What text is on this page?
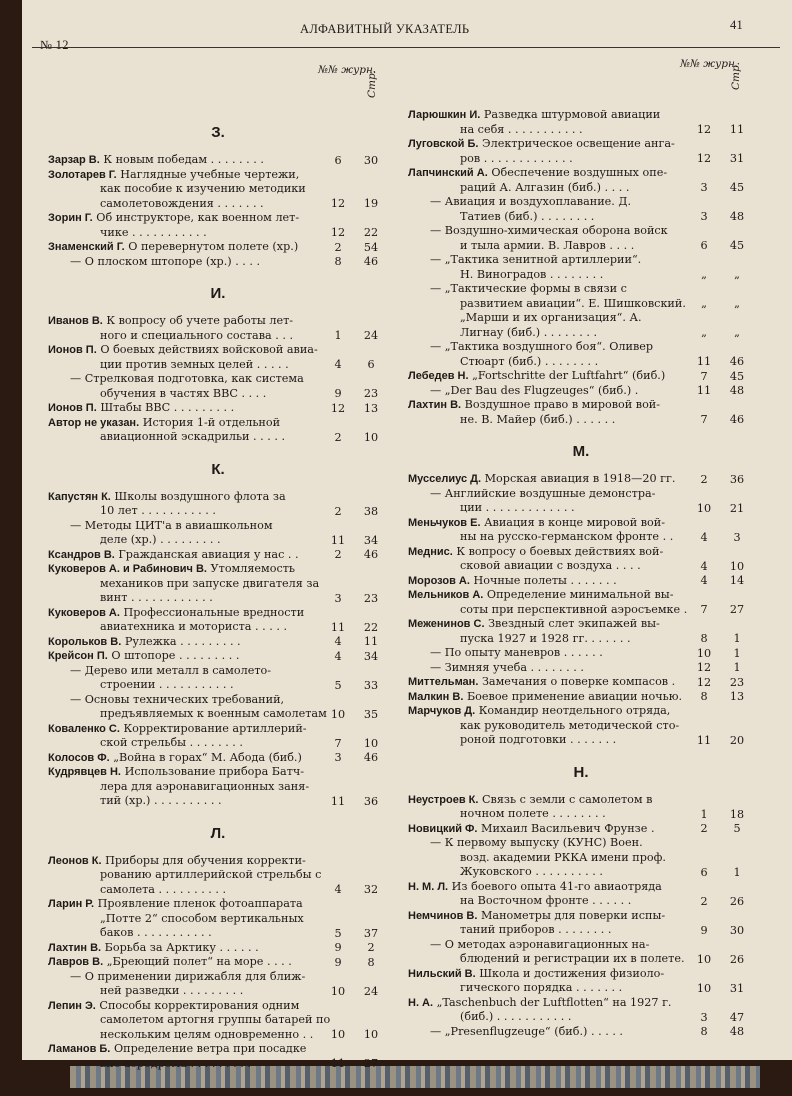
№ 12
АЛФАВИТНЫЙ УКАЗАТЕЛЬ	41
№№ журн.
Стр.
З.
Зарзар В. К новым победам . . . . . . . .	6	30
Золотарев Г. Наглядные учебные чертежи,
как пособие к изучению методики
самолетовождения . . . . . . .	12	19
Зорин Г. Об инструкторе, как военном лет-
чике . . . . . . . . . . .	12	22
Знаменский Г. О перевернутом полете (хр.)	2	54
— О плоском штопоре (хр.) . . . .	8	46
И.
Иванов В. К вопросу об учете работы лет-
ного и специального состава . . .	1	24
Ионов П. О боевых действиях войсковой авиа-
ции против земных целей . . . . .	4	6
— Стрелковая подготовка, как система
обучения в частях ВВС . . . .	9	23
Ионов П. Штабы ВВС . . . . . . . . .	12	13
Автор не указан. История 1-й отдельной
авиационной эскадрильи . . . . .	2	10
К.
Капустян К. Школы воздушного флота за
10 лет . . . . . . . . . . .	2	38
— Методы ЦИТ'а в авиашкольном
деле (хр.) . . . . . . . . .	11	34
Ксандров В. Гражданская авиация у нас . .	2	46
Куковеров А. и Рабинович В. Утомляемость
механиков при запуске двигателя за
винт . . . . . . . . . . . .	3	23
Куковеров А. Профессиональные вредности
авиатехника и моториста . . . . .	11	22
Корольков В. Рулежка . . . . . . . . .	4	11
Крейсон П. О штопоре . . . . . . . . .	4	34
— Дерево или металл в самолето-
строении . . . . . . . . . . .	5	33
— Основы технических требований,
предъявляемых к военным самолетам 10	35
Коваленко С. Корректирование артиллерий-
ской стрельбы . . . . . . . .	7	10
Колосов Ф. „Война в горах“ М. Абода (биб.)	3	46
Кудрявцев Н. Использование прибора Батч-
лера для аэронавигационных заня-
тий (хр.) . . . . . . . . . .	11	36
Л.
Леонов К. Приборы для обучения корректи-
рованию артиллерийской стрельбы с
самолета . . . . . . . . . .	4	32
Ларин Р. Проявление пленок фотоаппарата
„Потте 2“ способом вертикальных
баков . . . . . . . . . . .	5	37
Лахтин В. Борьба за Арктику . . . . . .	9	2
Лавров В. „Бреющий полет“ на море . . . .	9	8
— О применении дирижабля для ближ-
ней разведки . . . . . . . . .	10	24
Лепин Э. Способы корректирования одним
самолетом артогня группы батарей по
нескольким целям одновременно . .	10	10
Ламанов Б. Определение ветра при посадке
вне аэродрома . . . . . . . . .	11	27
№№ журн.
Стр.
Ларюшкин И. Разведка штурмовой авиации
на себя . . . . . . . . . . .	12	11
Луговской Б. Электрическое освещение анга-
ров . . . . . . . . . . . . .	12	31
Лапчинский А. Обеспечение воздушных опе-
раций А. Алгазин (биб.) . . . .	3	45
— Авиация и воздухоплавание. Д.
Татиев (биб.) . . . . . . . .	3	48
— Воздушно-химическая оборона войск
и тыла армии. В. Лавров . . . .	6	45
— „Тактика зенитной артиллерии“.
Н. Виноградов . . . . . . . .	„	„
— „Тактические формы в связи с
развитием авиации“. Е. Шишковский.	„	„
„Марши и их организация“. А.
Лигнау (биб.) . . . . . . . .	„	„
— „Тактика воздушного боя“. Оливер
Стюарт (биб.) . . . . . . . .	11	46
Лебедев Н. „Fortschritte der Luftfahrt“ (биб.)	7	45
— „Der Bau des Flugzeuges“ (биб.) .	11	48
Лахтин В. Воздушное право в мировой вой-
не. В. Майер (биб.) . . . . . .	7	46
М.
Мусселиус Д. Морская авиация в 1918—20 гг.	2	36
— Английские воздушные демонстра-
ции . . . . . . . . . . . . .	10	21
Меньчуков Е. Авиация в конце мировой вой-
ны на русско-германском фронте . .	4	3
Меднис. К вопросу о боевых действиях вой-
сковой авиации с воздуха . . . .	4	10
Морозов А. Ночные полеты . . . . . . .	4	14
Мельников А. Определение минимальной вы-
соты при перспективной аэросъемке .	7	27
Меженинов С. Звездный слет экипажей вы-
пуска 1927 и 1928 гг. . . . . . .	8	1
— По опыту маневров . . . . . .	10	1
— Зимняя учеба . . . . . . . .	12	1
Миттельман. Замечания о поверке компасов .	12	23
Малкин В. Боевое применение авиации ночью.	8	13
Марчуков Д. Командир неотдельного отряда,
как руководитель методической сто-
роной подготовки . . . . . . .	11	20
Н.
Неустроев К. Связь с земли с самолетом в
ночном полете . . . . . . . .	1	18
Новицкий Ф. Михаил Васильевич Фрунзе .	2	5
— К первому выпуску (КУНС) Воен.
возд. академии РККА имени проф.
Жуковского . . . . . . . . . .	6	1
Н. М. Л. Из боевого опыта 41-го авиаотряда
на Восточном фронте . . . . . .	2	26
Немчинов В. Манометры для поверки испы-
таний приборов . . . . . . . .	9	30
— О методах аэронавигационных на-
блюдений и регистрации их в полете.	10	26
Нильский В. Школа и достижения физиоло-
гического порядка . . . . . . .	10	31
Н. А. „Taschenbuch der Luftflotten“ на 1927 г.
(биб.) . . . . . . . . . . .	3	47
— „Presenflugzeuge“ (биб.) . . . . .	8	48
